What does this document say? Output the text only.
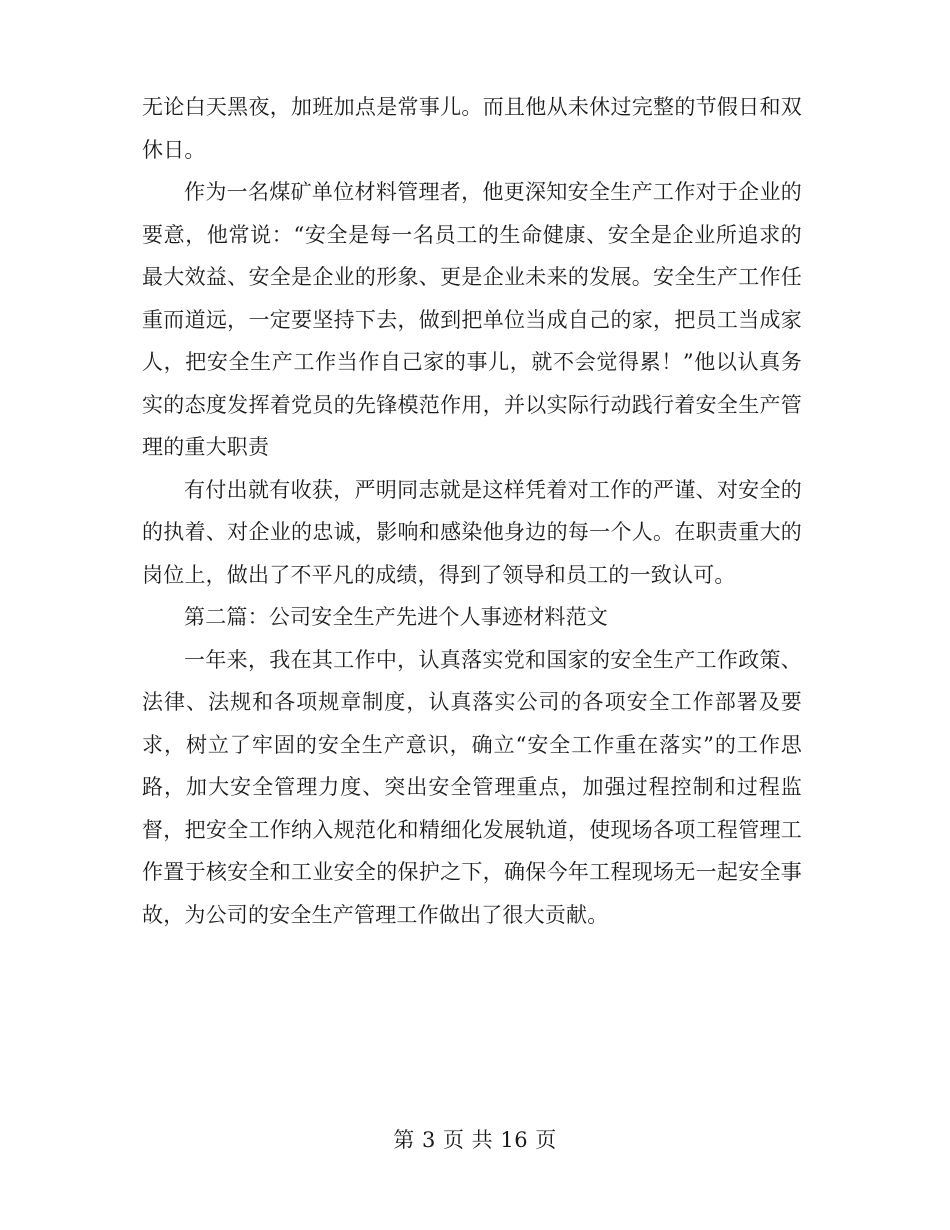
无论白天黑夜，加班加点是常事儿。而且他从未休过完整的节假日和双休日。

作为一名煤矿单位材料管理者，他更深知安全生产工作对于企业的要意，他常说：“安全是每一名员工的生命健康、安全是企业所追求的最大效益、安全是企业的形象、更是企业未来的发展。安全生产工作任重而道远，一定要坚持下去，做到把单位当成自己的家，把员工当成家人，把安全生产工作当作自己家的事儿，就不会觉得累！”他以认真务实的态度发挥着党员的先锋模范作用，并以实际行动践行着安全生产管理的重大职责

有付出就有收获，严明同志就是这样凭着对工作的严谨、对安全的的执着、对企业的忠诚，影响和感染他身边的每一个人。在职责重大的岗位上，做出了不平凡的成绩，得到了领导和员工的一致认可。

第二篇：公司安全生产先进个人事迹材料范文

一年来，我在其工作中，认真落实党和国家的安全生产工作政策、法律、法规和各项规章制度，认真落实公司的各项安全工作部署及要求，树立了牢固的安全生产意识，确立“安全工作重在落实”的工作思路，加大安全管理力度、突出安全管理重点，加强过程控制和过程监督，把安全工作纳入规范化和精细化发展轨道，使现场各项工程管理工作置于核安全和工业安全的保护之下，确保今年工程现场无一起安全事故，为公司的安全生产管理工作做出了很大贡献。

第 3 页 共 16 页
